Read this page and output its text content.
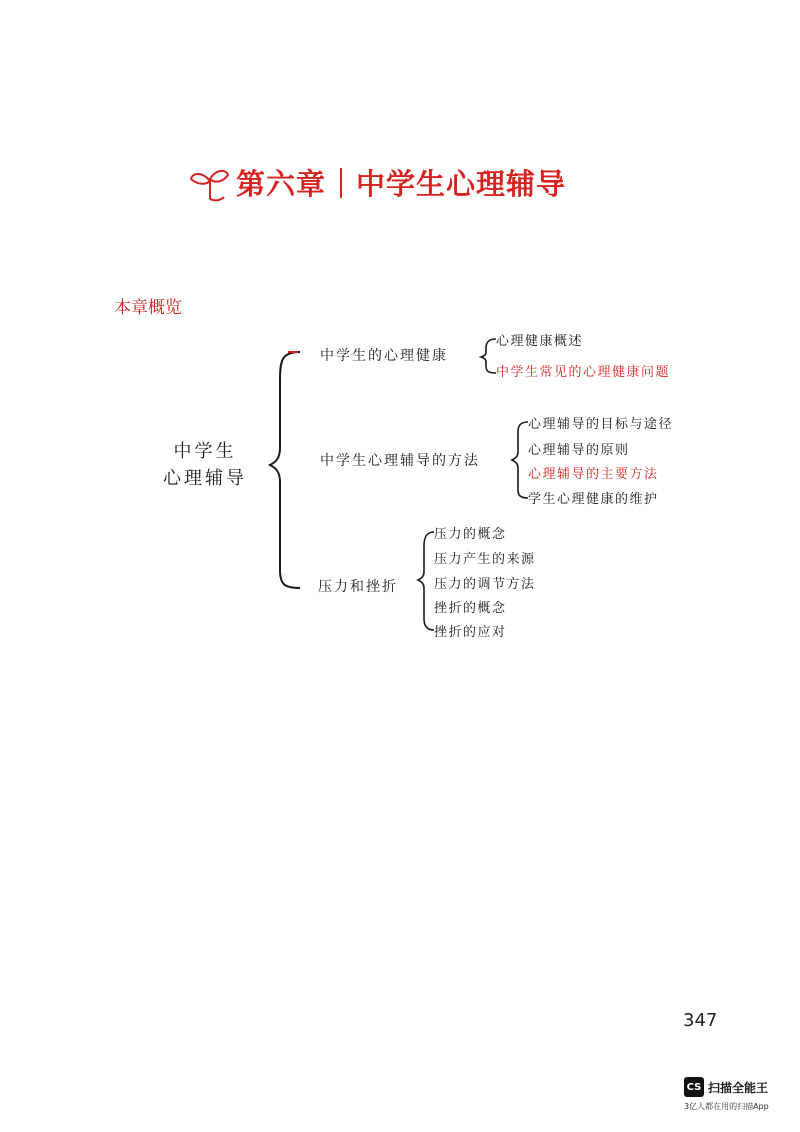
第六章 中学生心理辅导
本章概览
中学生
心理辅导
中学生的心理健康
心理健康概述
中学生常见的心理健康问题
中学生心理辅导的方法
心理辅导的目标与途径
心理辅导的原则
心理辅导的主要方法
学生心理健康的维护
压力和挫折
压力的概念
压力产生的来源
压力的调节方法
挫折的概念
挫折的应对
347
CS 扫描全能王
3亿人都在用的扫描App
